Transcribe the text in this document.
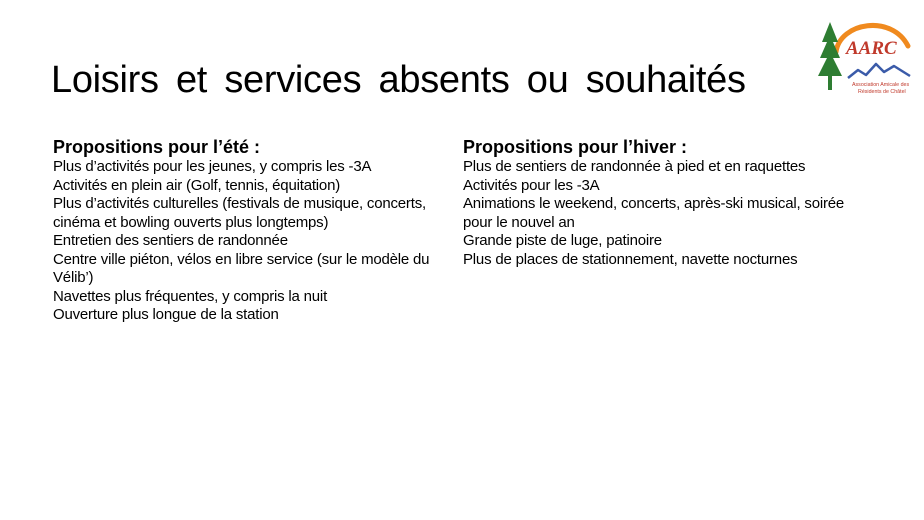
Loisirs et services absents ou souhaités
AARC
Association Amicale des
Résidents de Châtel
Propositions pour l’été :
Plus d’activités pour les jeunes, y compris les -3A
Activités en plein air (Golf, tennis, équitation)
Plus d’activités culturelles (festivals de musique, concerts, cinéma et bowling ouverts plus longtemps)
Entretien des sentiers de randonnée
Centre ville piéton, vélos en libre service (sur le modèle du Vélib’)
Navettes plus fréquentes, y compris la nuit
Ouverture plus longue de la station
Propositions pour l’hiver :
Plus de sentiers de randonnée à pied et en raquettes
Activités pour les -3A
Animations le weekend, concerts, après-ski musical, soirée pour le nouvel an
Grande piste de luge, patinoire
Plus de places de stationnement, navette nocturnes
